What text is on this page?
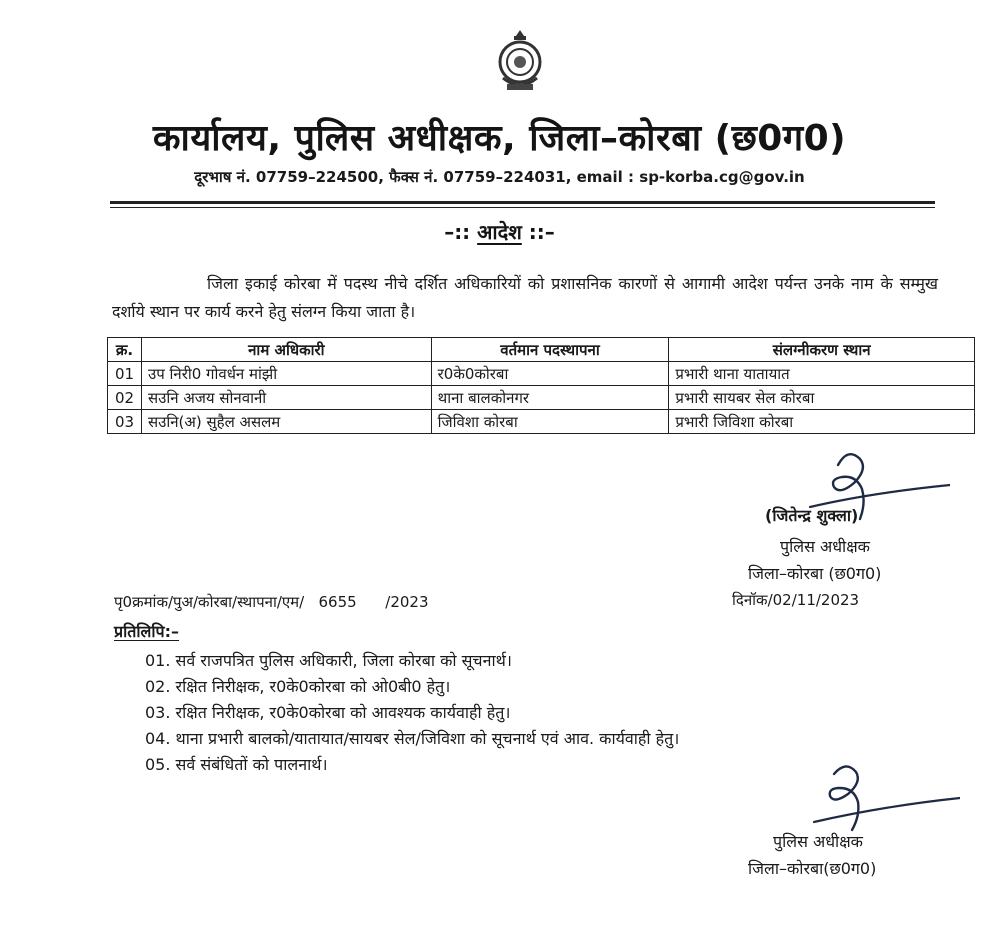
कार्यालय, पुलिस अधीक्षक, जिला–कोरबा (छ0ग0)
दूरभाष नं. 07759–224500, फैक्स नं. 07759–224031, email : sp-korba.cg@gov.in
–:: आदेश ::–
जिला इकाई कोरबा में पदस्थ नीचे दर्शित अधिकारियों को प्रशासनिक कारणों से आगामी आदेश पर्यन्त उनके नाम के सम्मुख दर्शाये स्थान पर कार्य करने हेतु संलग्न किया जाता है।
क्र.	नाम अधिकारी	वर्तमान पदस्थापना	संलग्नीकरण स्थान
01	उप निरी0 गोवर्धन मांझी	र0के0कोरबा	प्रभारी थाना यातायात
02	सउनि अजय सोनवानी	थाना बालकोनगर	प्रभारी सायबर सेल कोरबा
03	सउनि(अ) सुहैल असलम	जिविशा कोरबा	प्रभारी जिविशा कोरबा
(जितेन्द्र शुक्ला)
पुलिस अधीक्षक
जिला–कोरबा (छ0ग0)
पृ0क्रमांक/पुअ/कोरबा/स्थापना/एम/   6655      /2023	दिनॉक/02/11/2023
प्रतिलिपि:–
01. सर्व राजपत्रित पुलिस अधिकारी, जिला कोरबा को सूचनार्थ।
02. रक्षित निरीक्षक, र0के0कोरबा को ओ0बी0 हेतु।
03. रक्षित निरीक्षक, र0के0कोरबा को आवश्यक कार्यवाही हेतु।
04. थाना प्रभारी बालको/यातायात/सायबर सेल/जिविशा को सूचनार्थ एवं आव. कार्यवाही हेतु।
05. सर्व संबंधितों को पालनार्थ।
पुलिस अधीक्षक
जिला–कोरबा(छ0ग0)
